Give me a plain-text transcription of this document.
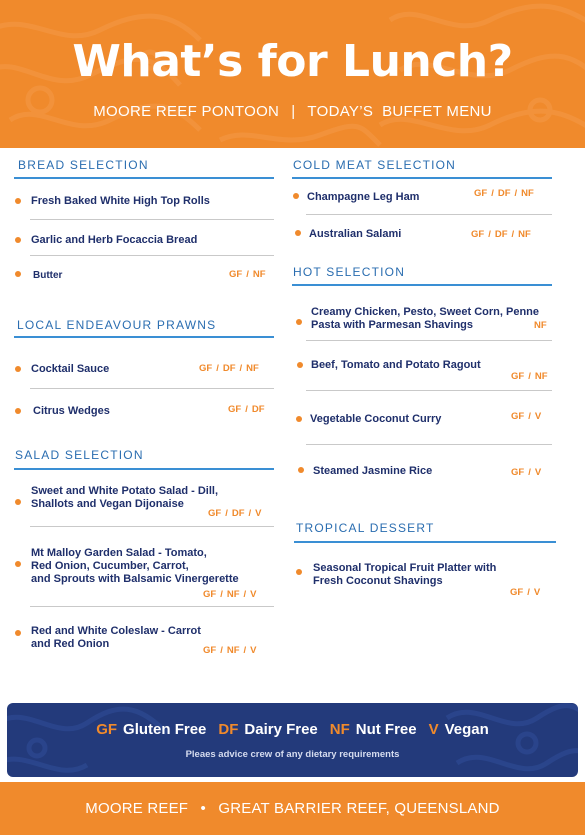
What’s for Lunch?
MOORE REEF PONTOON | TODAY’S  BUFFET MENU
BREAD SELECTION
Fresh Baked White High Top Rolls
Garlic and Herb Focaccia Bread
Butter	GF / NF
LOCAL ENDEAVOUR PRAWNS
Cocktail Sauce	GF / DF / NF
Citrus Wedges	GF / DF
SALAD SELECTION
Sweet and White Potato Salad - Dill,
Shallots and Vegan Dijonaise
GF / DF / V
Mt Malloy Garden Salad - Tomato,
Red Onion, Cucumber, Carrot,
and Sprouts with Balsamic Vinergerette
GF / NF / V
Red and White Coleslaw - Carrot
and Red Onion
GF / NF / V
COLD MEAT SELECTION
Champagne Leg Ham	GF / DF / NF
Australian Salami	GF / DF / NF
HOT SELECTION
Creamy Chicken, Pesto, Sweet Corn, Penne
Pasta with Parmesan Shavings	NF
Beef, Tomato and Potato Ragout
GF / NF
Vegetable Coconut Curry	GF / V
Steamed Jasmine Rice	GF / V
TROPICAL DESSERT
Seasonal Tropical Fruit Platter with
Fresh Coconut Shavings
GF / V
GF Gluten Free DF Dairy Free NF Nut Free V Vegan
Pleaes advice crew of any dietary requirements
MOORE REEF • GREAT BARRIER REEF, QUEENSLAND
